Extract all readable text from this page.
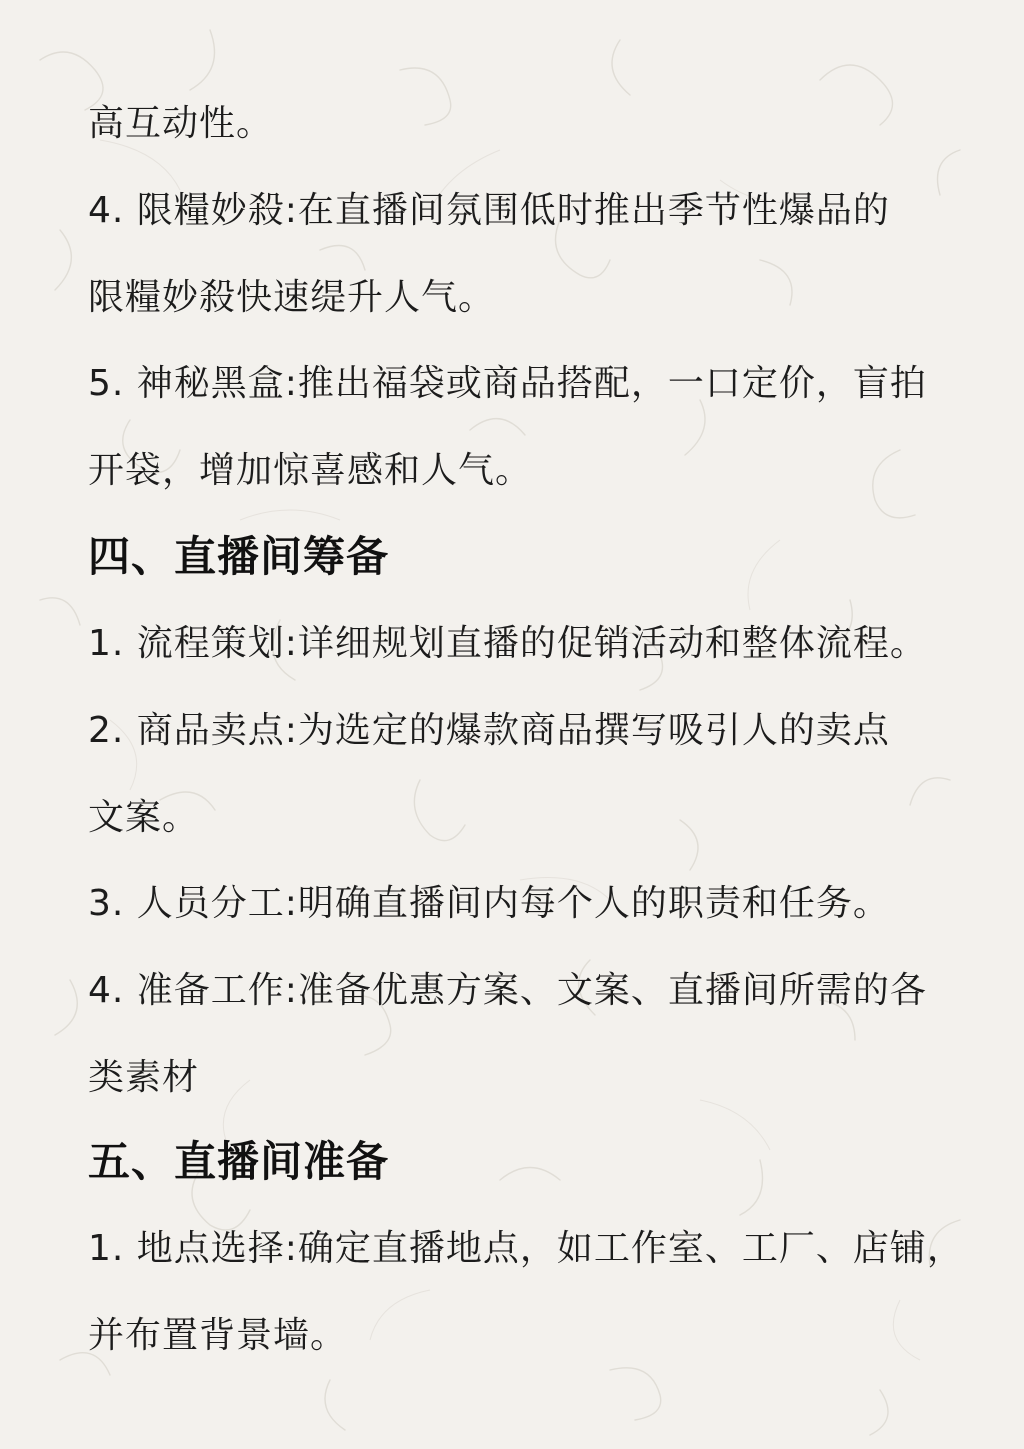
高互动性。
4. 限糧妙殺:在直播间氛围低时推出季节性爆品的
限糧妙殺快速缇升人气。
5. 神秘黑盒:推出福袋或商品搭配，一口定价，盲拍
开袋，增加惊喜感和人气。
四、直播间筹备
1. 流程策划:详细规划直播的促销活动和整体流程。
2. 商品卖点:为选定的爆款商品撰写吸引人的卖点
文案。
3. 人员分工:明确直播间内每个人的职责和任务。
4. 准备工作:准备优惠方案、文案、直播间所需的各
类素材
五、直播间准备
1. 地点选择:确定直播地点，如工作室、工厂、店铺，
并布置背景墙。
